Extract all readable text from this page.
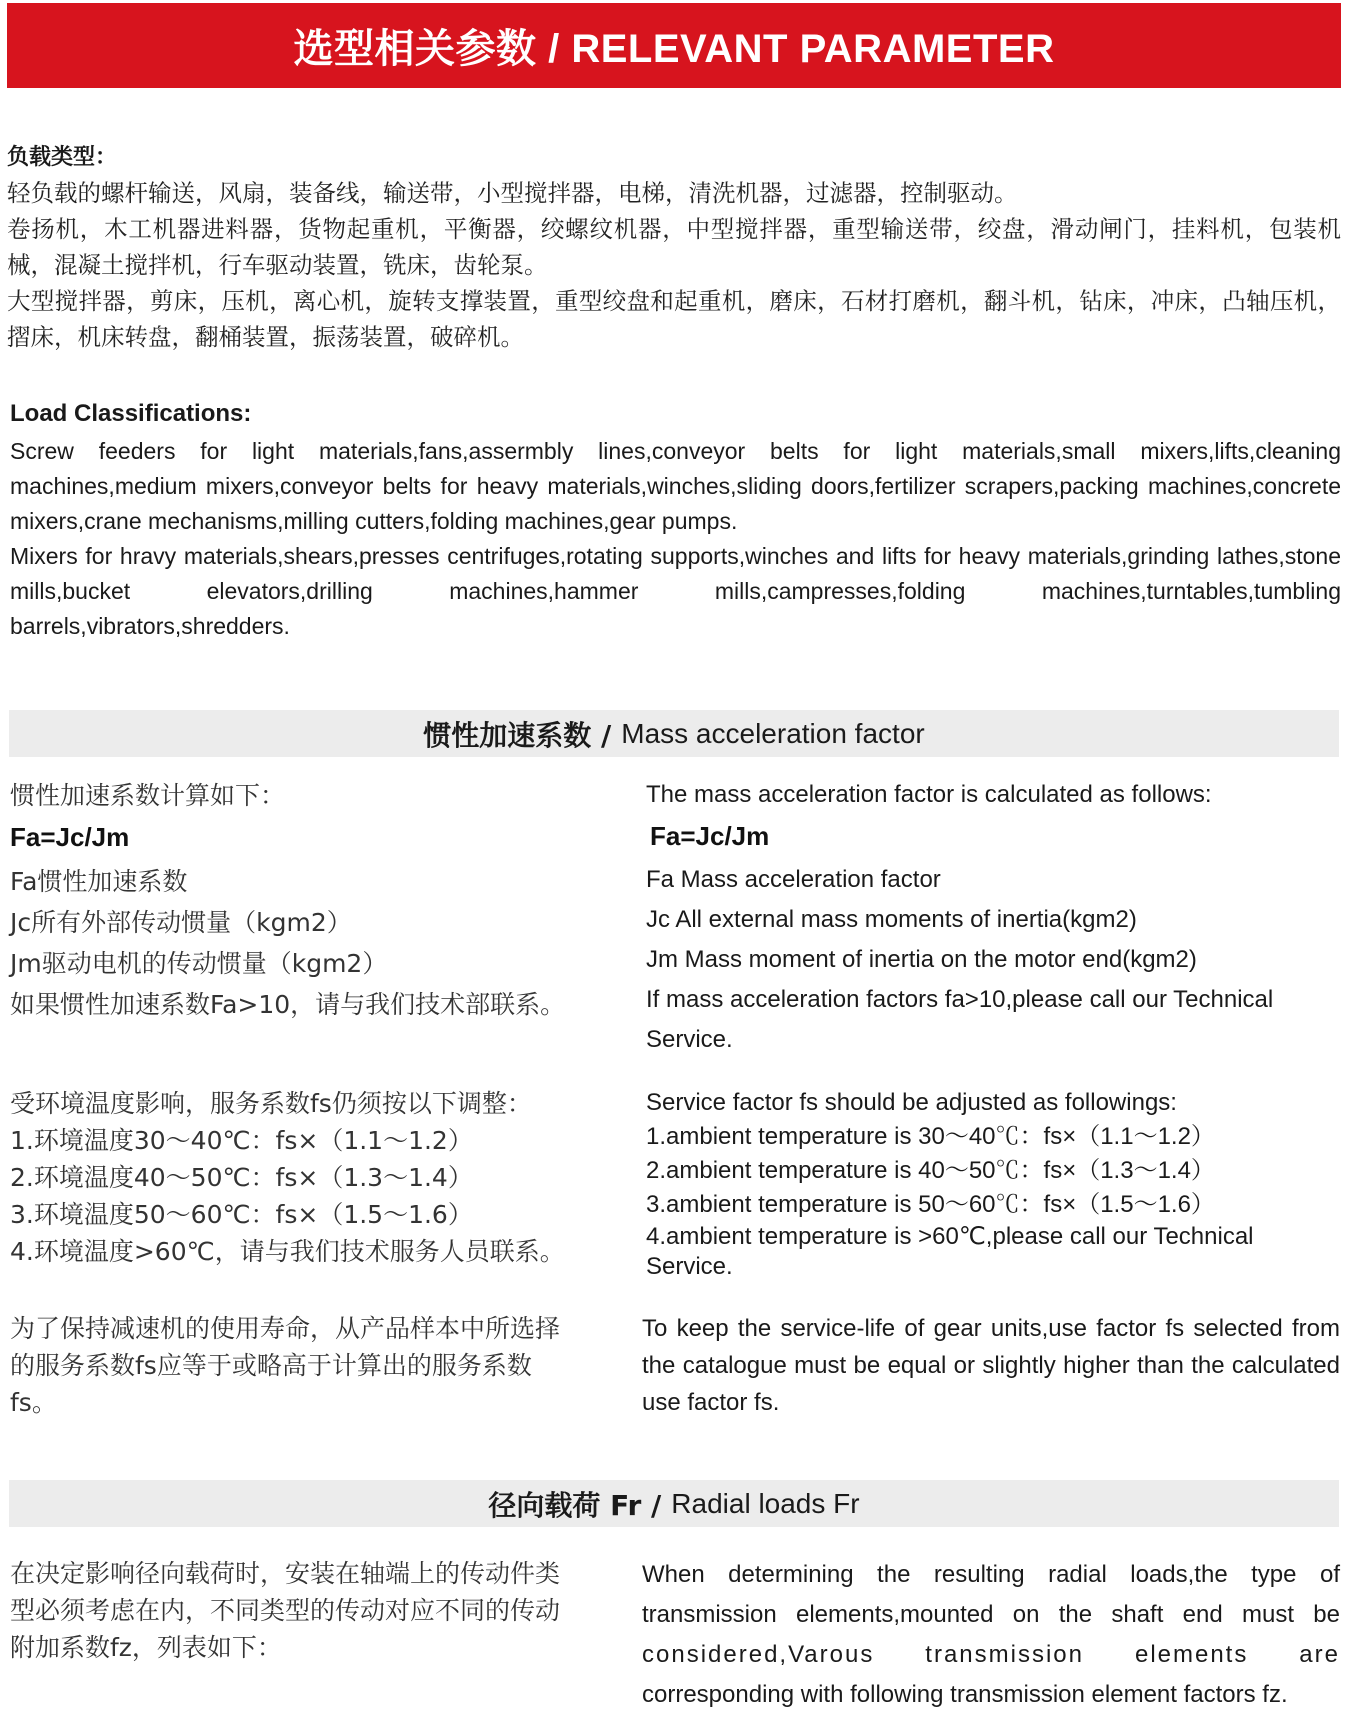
选型相关参数 / RELEVANT PARAMETER

负载类型：

轻负载的螺杆输送，风扇，装备线，输送带，小型搅拌器，电梯，清洗机器，过滤器，控制驱动。

卷扬机，木工机器进料器，货物起重机，平衡器，绞螺纹机器，中型搅拌器，重型输送带，绞盘，滑动闸门，挂料机，包装机械，混凝土搅拌机，行车驱动装置，铣床，齿轮泵。

大型搅拌器，剪床，压机，离心机，旋转支撑装置，重型绞盘和起重机，磨床，石材打磨机，翻斗机，钻床，冲床，凸轴压机，摺床，机床转盘，翻桶装置，振荡装置，破碎机。

Load Classifications:

Screw feeders for light materials,fans,assermbly lines,conveyor belts for light materials,small mixers,lifts,cleaning machines,medium mixers,conveyor belts for heavy materials,winches,sliding doors,fertilizer scrapers,packing machines,concrete mixers,crane mechanisms,milling cutters,folding machines,gear pumps.

Mixers for hravy materials,shears,presses centrifuges,rotating supports,winches and lifts for heavy materials,grinding lathes,stone mills,bucket elevators,drilling machines,hammer mills,campresses,folding machines,turntables,tumbling barrels,vibrators,shredders.

惯性加速系数 / Mass acceleration factor

惯性加速系数计算如下：

Fa=Jc/Jm

Fa惯性加速系数

Jc所有外部传动惯量（kgm2）

Jm驱动电机的传动惯量（kgm2）

如果惯性加速系数Fa>10，请与我们技术部联系。

The mass acceleration factor is calculated as follows:

Fa=Jc/Jm

Fa Mass acceleration factor

Jc All external mass moments of inertia(kgm2)

Jm Mass moment of inertia on the motor end(kgm2)

If mass acceleration factors fa>10,please call our Technical Service.

受环境温度影响，服务系数fs仍须按以下调整：

1.环境温度30～40℃：fs×（1.1～1.2）

2.环境温度40～50℃：fs×（1.3～1.4）

3.环境温度50～60℃：fs×（1.5～1.6）

4.环境温度>60℃，请与我们技术服务人员联系。

Service factor fs should be adjusted as followings:

1.ambient temperature is 30～40℃：fs×（1.1～1.2）

2.ambient temperature is 40～50℃：fs×（1.3～1.4）

3.ambient temperature is 50～60℃：fs×（1.5～1.6）

4.ambient temperature is >60℃,please call our Technical Service.

为了保持减速机的使用寿命，从产品样本中所选择的服务系数fs应等于或略高于计算出的服务系数fs。

To keep the service-life of gear units,use factor fs selected from the catalogue must be equal or slightly higher than the calculated use factor fs.

径向载荷 Fr / Radial loads Fr

在决定影响径向载荷时，安装在轴端上的传动件类型必须考虑在内，不同类型的传动对应不同的传动附加系数fz，列表如下：

When determining the resulting radial loads,the type of

transmission elements,mounted on the shaft end must be

considered,Varous transmission elements are

corresponding with following transmission element factors fz.
